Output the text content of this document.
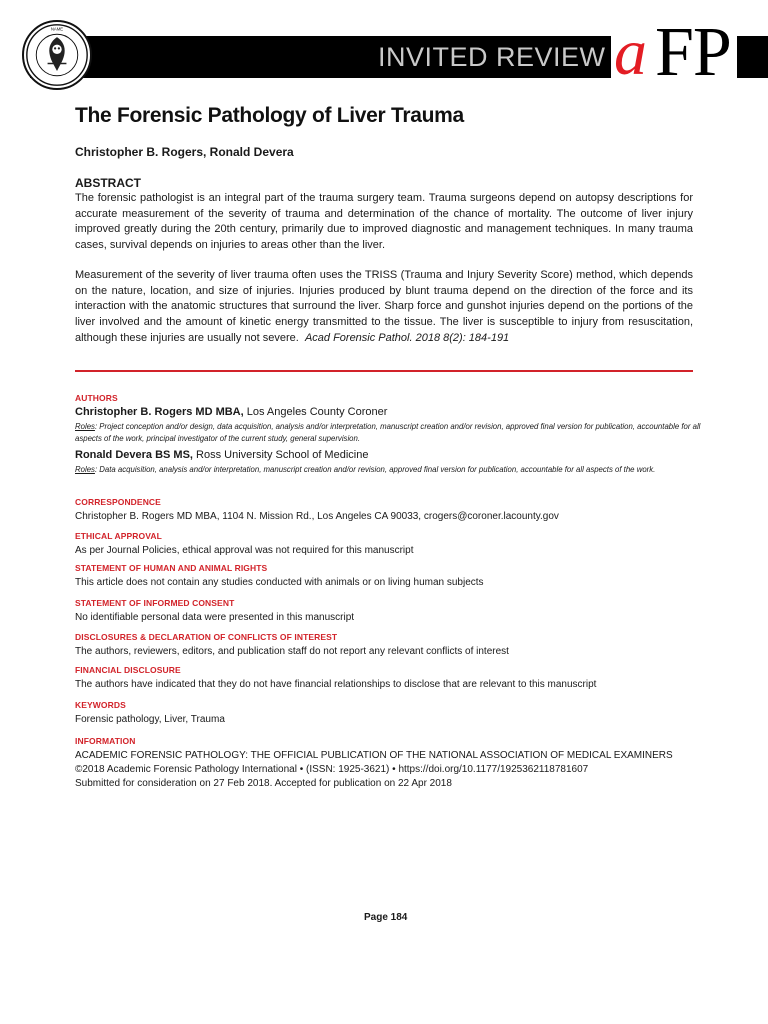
NAME
INVITED REVIEW a FP
The Forensic Pathology of Liver Trauma
Christopher B. Rogers, Ronald Devera
ABSTRACT

The forensic pathologist is an integral part of the trauma surgery team. Trauma surgeons depend on autopsy descriptions for accurate measurement of the severity of trauma and determination of the chance of mortality. The outcome of liver injury improved greatly during the 20th century, primarily due to improved diagnostic and management techniques. In many trauma cases, survival depends on injuries to areas other than the liver.

Measurement of the severity of liver trauma often uses the TRISS (Trauma and Injury Severity Score) method, which depends on the nature, location, and size of injuries. Injuries produced by blunt trauma depend on the direction of the force and its interaction with the anatomic structures that surround the liver. Sharp force and gunshot injuries depend on the portions of the liver involved and the amount of kinetic energy transmitted to the tissue. The liver is susceptible to injury from resuscitation, although these injuries are usually not severe. Acad Forensic Pathol. 2018 8(2): 184-191

AUTHORS
Christopher B. Rogers MD MBA, Los Angeles County Coroner
Roles: Project conception and/or design, data acquisition, analysis and/or interpretation, manuscript creation and/or revision, approved final version for publication, accountable for all aspects of the work, principal investigator of the current study, general supervision.
Ronald Devera BS MS, Ross University School of Medicine
Roles: Data acquisition, analysis and/or interpretation, manuscript creation and/or revision, approved final version for publication, accountable for all aspects of the work.
CORRESPONDENCE
Christopher B. Rogers MD MBA, 1104 N. Mission Rd., Los Angeles CA 90033, crogers@coroner.lacounty.gov
ETHICAL APPROVAL
As per Journal Policies, ethical approval was not required for this manuscript
STATEMENT OF HUMAN AND ANIMAL RIGHTS
This article does not contain any studies conducted with animals or on living human subjects
STATEMENT OF INFORMED CONSENT
No identifiable personal data were presented in this manuscript
DISCLOSURES & DECLARATION OF CONFLICTS OF INTEREST
The authors, reviewers, editors, and publication staff do not report any relevant conflicts of interest
FINANCIAL DISCLOSURE
The authors have indicated that they do not have financial relationships to disclose that are relevant to this manuscript
KEYWORDS
Forensic pathology, Liver, Trauma
INFORMATION
ACADEMIC FORENSIC PATHOLOGY: THE OFFICIAL PUBLICATION OF THE NATIONAL ASSOCIATION OF MEDICAL EXAMINERS
©2018 Academic Forensic Pathology International • (ISSN: 1925-3621) • https://doi.org/10.1177/1925362118781607
Submitted for consideration on 27 Feb 2018. Accepted for publication on 22 Apr 2018
Page 184
